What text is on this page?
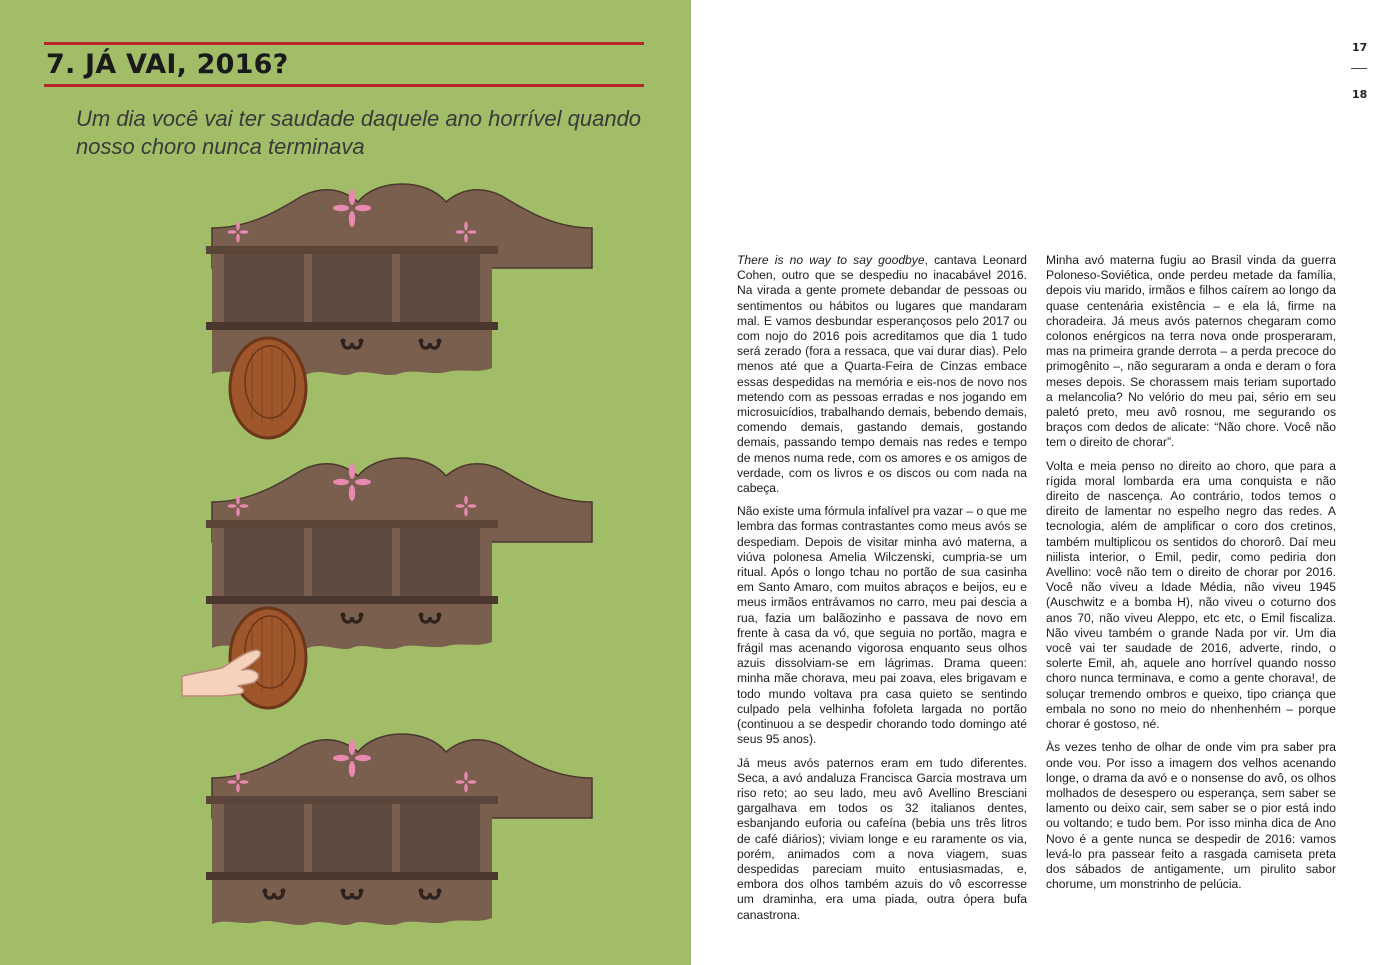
7. JÁ VAI, 2016?

Um dia você vai ter saudade daquele ano horrível quando nosso choro nunca terminava

17
18

There is no way to say goodbye, cantava Leonard Cohen, outro que se despediu no inacabável 2016. Na virada a gente promete debandar de pessoas ou sentimentos ou hábitos ou lugares que mandaram mal. E vamos desbundar esperançosos pelo 2017 ou com nojo do 2016 pois acreditamos que dia 1 tudo será zerado (fora a ressaca, que vai durar dias). Pelo menos até que a Quarta-Feira de Cinzas embace essas despedidas na memória e eis-nos de novo nos metendo com as pessoas erradas e nos jogando em microsuicídios, trabalhando demais, bebendo demais, comendo demais, gastando demais, gostando demais, passando tempo demais nas redes e tempo de menos numa rede, com os amores e os amigos de verdade, com os livros e os discos ou com nada na cabeça.

Não existe uma fórmula infalível pra vazar – o que me lembra das formas contrastantes como meus avós se despediam. Depois de visitar minha avó materna, a viúva polonesa Amelia Wilczenski, cumpria-se um ritual. Após o longo tchau no portão de sua casinha em Santo Amaro, com muitos abraços e beijos, eu e meus irmãos entrávamos no carro, meu pai descia a rua, fazia um balãozinho e passava de novo em frente à casa da vó, que seguia no portão, magra e frágil mas acenando vigorosa enquanto seus olhos azuis dissolviam-se em lágrimas. Drama queen: minha mãe chorava, meu pai zoava, eles brigavam e todo mundo voltava pra casa quieto se sentindo culpado pela velhinha fofoleta largada no portão (continuou a se despedir chorando todo domingo até seus 95 anos).

Já meus avós paternos eram em tudo diferentes. Seca, a avó andaluza Francisca Garcia mostrava um riso reto; ao seu lado, meu avô Avellino Bresciani gargalhava em todos os 32 italianos dentes, esbanjando euforia ou cafeína (bebia uns três litros de café diários); viviam longe e eu raramente os via, porém, animados com a nova viagem, suas despedidas pareciam muito entusiasmadas, e, embora dos olhos também azuis do vô escorresse um draminha, era uma piada, outra ópera bufa canastrona.

Minha avó materna fugiu ao Brasil vinda da guerra Poloneso-Soviética, onde perdeu metade da família, depois viu marido, irmãos e filhos caírem ao longo da quase centenária existência – e ela lá, firme na choradeira. Já meus avós paternos chegaram como colonos enérgicos na terra nova onde prosperaram, mas na primeira grande derrota – a perda precoce do primogênito –, não seguraram a onda e deram o fora meses depois. Se chorassem mais teriam suportado a melancolia? No velório do meu pai, sério em seu paletó preto, meu avô rosnou, me segurando os braços com dedos de alicate: “Não chore. Você não tem o direito de chorar”.

Volta e meia penso no direito ao choro, que para a rígida moral lombarda era uma conquista e não direito de nascença. Ao contrário, todos temos o direito de lamentar no espelho negro das redes. A tecnologia, além de amplificar o coro dos cretinos, também multiplicou os sentidos do chororô. Daí meu niilista interior, o Emil, pedir, como pediria don Avellino: você não tem o direito de chorar por 2016. Você não viveu a Idade Média, não viveu 1945 (Auschwitz e a bomba H), não viveu o coturno dos anos 70, não viveu Aleppo, etc etc, o Emil fiscaliza. Não viveu também o grande Nada por vir. Um dia você vai ter saudade de 2016, adverte, rindo, o solerte Emil, ah, aquele ano horrível quando nosso choro nunca terminava, e como a gente chorava!, de soluçar tremendo ombros e queixo, tipo criança que embala no sono no meio do nhenhenhém – porque chorar é gostoso, né.

Às vezes tenho de olhar de onde vim pra saber pra onde vou. Por isso a imagem dos velhos acenando longe, o drama da avó e o nonsense do avô, os olhos molhados de desespero ou esperança, sem saber se lamento ou deixo cair, sem saber se o pior está indo ou voltando; e tudo bem. Por isso minha dica de Ano Novo é a gente nunca se despedir de 2016: vamos levá-lo pra passear feito a rasgada camiseta preta dos sábados de antigamente, um pirulito sabor chorume, um monstrinho de pelúcia.
